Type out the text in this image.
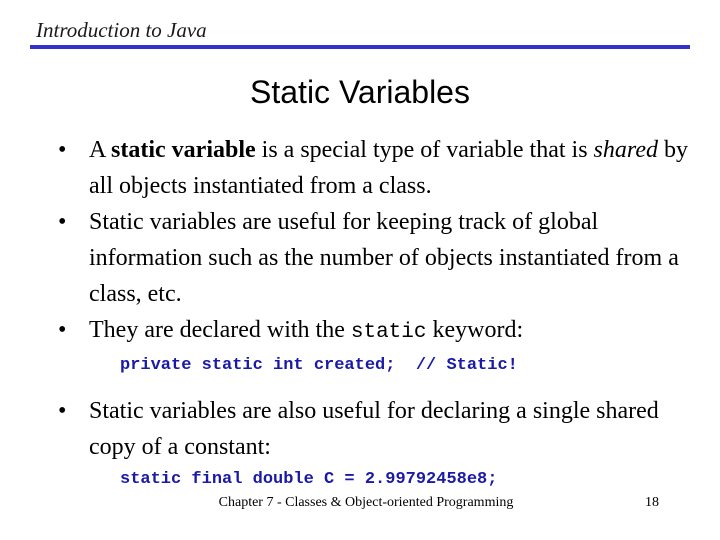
Introduction to Java
Static Variables
• A static variable is a special type of variable that is shared by all objects instantiated from a class.
• Static variables are useful for keeping track of global information such as the number of objects instantiated from a class, etc.
• They are declared with the static keyword:
private static int created;  // Static!
• Static variables are also useful for declaring a single shared copy of a constant:
static final double C = 2.99792458e8;
Chapter 7 - Classes & Object-oriented Programming	18
